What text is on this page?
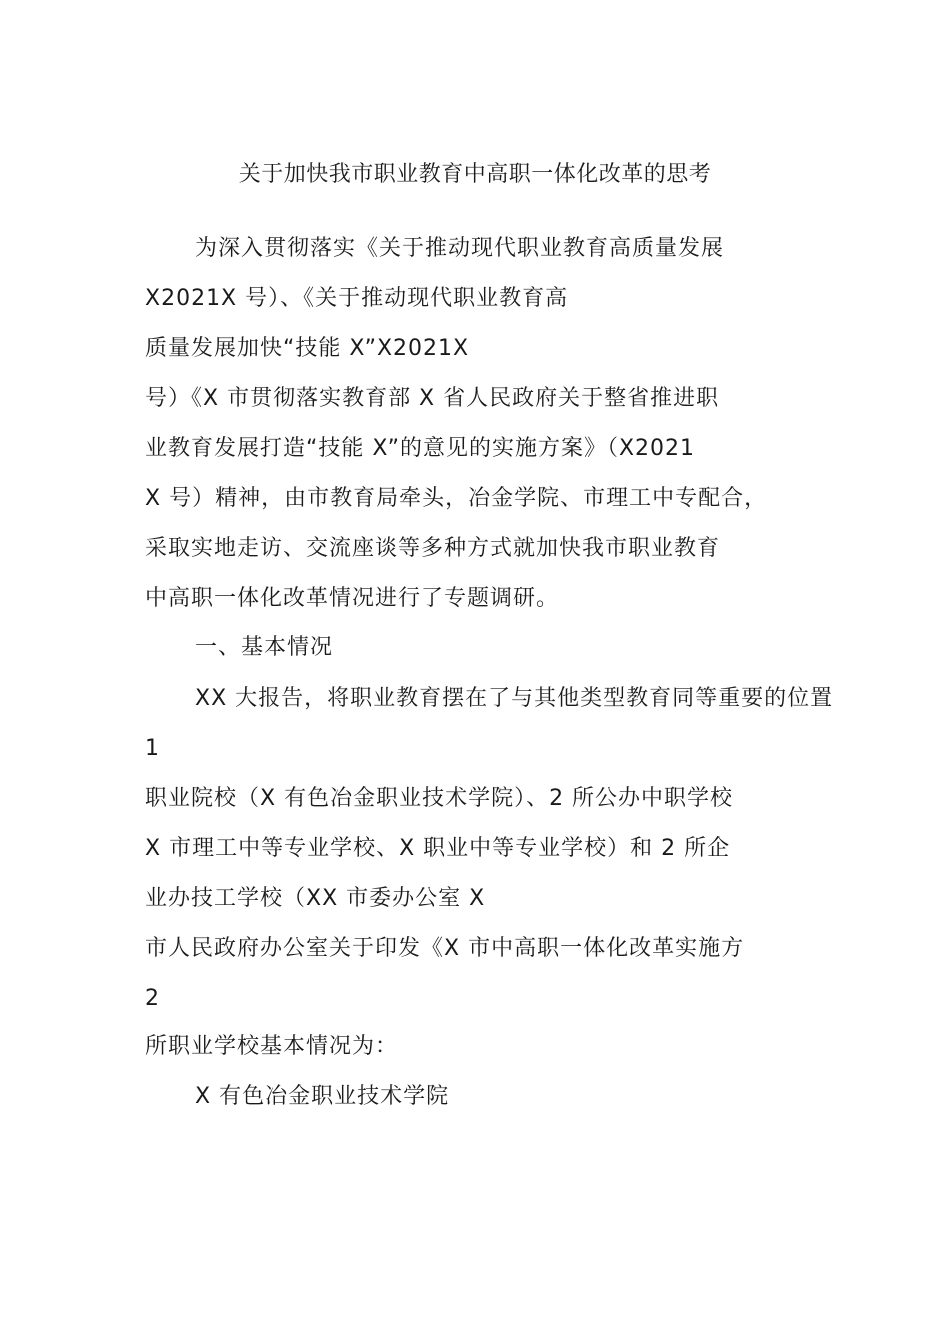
关于加快我市职业教育中高职一体化改革的思考
为深入贯彻落实《关于推动现代职业教育高质量发展
￼￼￼￼￼X￼2021￼X 号）、《关于推动现代职业教育高
质量发展加快“技能 X”￼￼￼￼￼￼￼￼￼X￼2021￼X
号）《X 市贯彻落实教育部 X 省人民政府关于整省推进职
业教育发展打造“技能 X”的意见的实施方案》（X￼2021￼
X 号）精神，由市教育局牵头，冶金学院、市理工中专配合，
采取实地走访、交流座谈等多种方式就加快我市职业教育
中高职一体化改革情况进行了专题调研。
一、基本情况
￼￼XX 大报告，将职业教育摆在了与其他类型教育同等重要的位置
￼￼￼￼￼￼￼￼￼￼￼￼￼￼￼￼￼￼￼￼￼1￼￼￼
职业院校（X 有色冶金职业技术学院）、2 所公办中职学校
￼X 市理工中等专业学校、X 职业中等专业学校）和 2 所企
业办技工学校（X￼￼￼￼￼￼￼￼￼￼￼￼￼￼￼￼￼￼X 市委办公室 X
市人民政府办公室关于印发《X 市中高职一体化改革实施方
￼￼￼￼￼￼￼￼￼￼￼￼￼￼￼￼￼￼￼￼￼￼￼￼￼2
所职业学校基本情况为：
￼￼￼X 有色冶金职业技术学院
